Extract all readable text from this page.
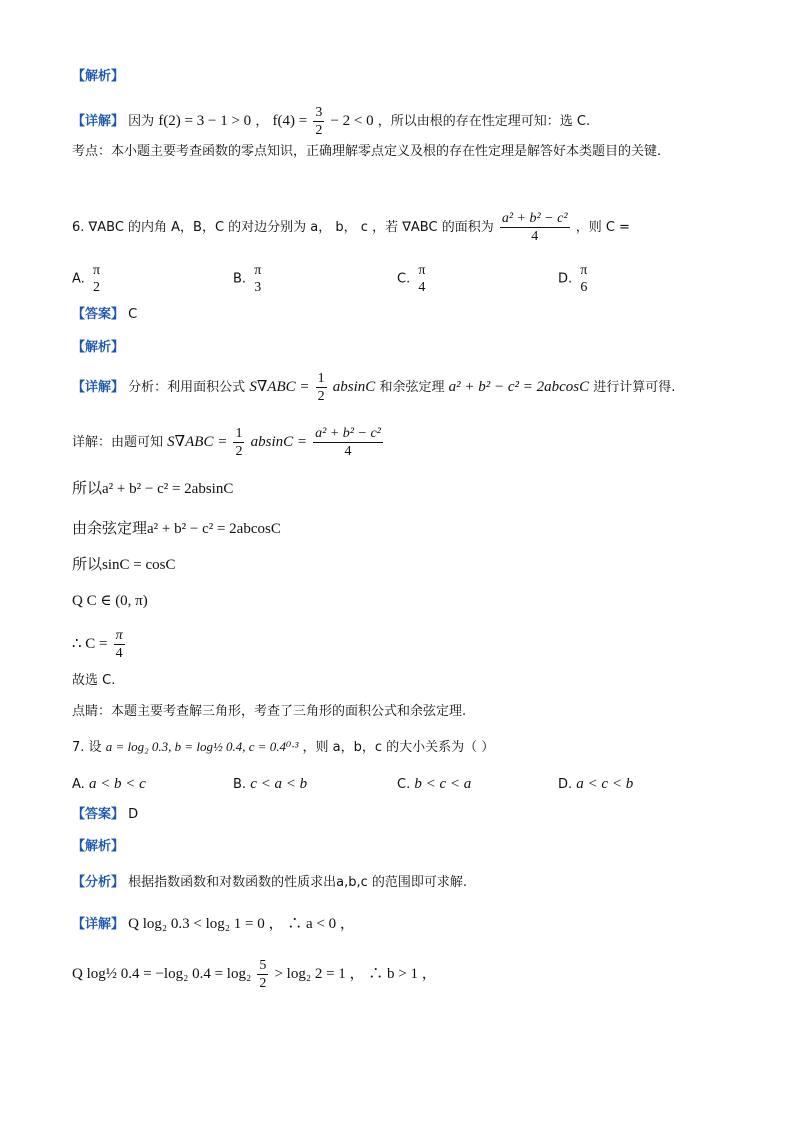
【解析】
【详解】 因为 f(2) = 3 − 1 > 0 ， $f(4) = \frac{3}{2} - 2 < 0$ ，所以由根的存在性定理可知：选 C.
考点：本小题主要考查函数的零点知识，正确理解零点定义及根的存在性定理是解答好本类题目的关键.
6. ∇ABC 的内角 A，B，C 的对边分别为 a， b， c ，若 ∇ABC 的面积为 $\frac{\text{a² + b² − c²}}{4}$ ，则 C =
A.
π
2
B.
π
3
C.
π
4
D.
π
6
【答案】 C
【解析】
【详解】 分析：利用面积公式 $S\nabla ABC = \frac{1}{2}$ absinC 和余弦定理 a² + b² − c² = 2abcosC 进行计算可得.
详解：由题可知 $S\nabla ABC = \frac{1}{2}$ $absinC = \frac{\text{a² + b² − c²}}{4}$
所以a² + b² − c² = 2absinC
由余弦定理a² + b² − c² = 2abcosC
所以sinC = cosC
Q C ∈ (0, π)
∴ $C = \frac{\pi}{4}$
故选 C.
点睛：本题主要考查解三角形，考查了三角形的面积公式和余弦定理.
7. 设 a = log₂ 0.3, b = log½ 0.4, c = 0.4⁰·³ ，则 a，b，c 的大小关系为（ ）
A. a < b < c	B. c < a < b	C. b < c < a	D. a < c < b
【答案】 D
【解析】
【分析】 根据指数函数和对数函数的性质求出a,b,c 的范围即可求解.
【详解】 Q log₂ 0.3 < log₂ 1 = 0 ， ∴ a < 0 ，
Q log½ 0.4 = −log₂ $0.4 = \log_2 \frac{5}{2} > \log_2$ 2 = 1 ， ∴ b > 1 ，
